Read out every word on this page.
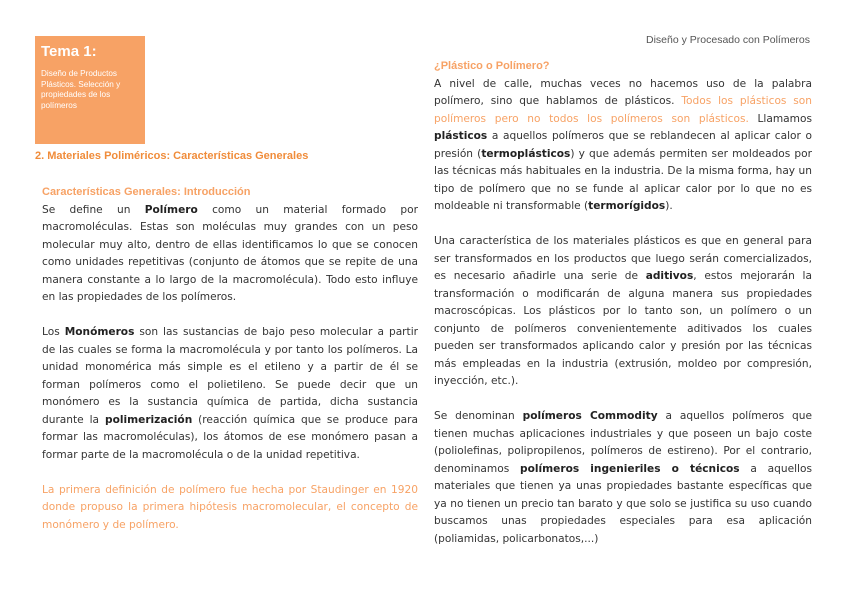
Diseño y Procesado con Polímeros
Tema 1:
Diseño de Productos Plásticos. Selección y propiedades de los polímeros
2. Materiales Poliméricos: Características Generales
Características Generales: Introducción

Se define un Polímero como un material formado por macromoléculas. Estas son moléculas muy grandes con un peso molecular muy alto, dentro de ellas identificamos lo que se conocen como unidades repetitivas (conjunto de átomos que se repite de una manera constante a lo largo de la macromolécula). Todo esto influye en las propiedades de los polímeros.

Los Monómeros son las sustancias de bajo peso molecular a partir de las cuales se forma la macromolécula y por tanto los polímeros. La unidad monomérica más simple es el etileno y a partir de él se forman polímeros como el polietileno. Se puede decir que un monómero es la sustancia química de partida, dicha sustancia durante la polimerización (reacción química que se produce para formar las macromoléculas), los átomos de ese monómero pasan a formar parte de la macromolécula o de la unidad repetitiva.

La primera definición de polímero fue hecha por Staudinger en 1920 donde propuso la primera hipótesis macromolecular, el concepto de monómero y de polímero.

¿Plástico o Polímero?

A nivel de calle, muchas veces no hacemos uso de la palabra polímero, sino que hablamos de plásticos. Todos los plásticos son polímeros pero no todos los polímeros son plásticos. Llamamos plásticos a aquellos polímeros que se reblandecen al aplicar calor o presión (termoplásticos) y que además permiten ser moldeados por las técnicas más habituales en la industria. De la misma forma, hay un tipo de polímero que no se funde al aplicar calor por lo que no es moldeable ni transformable (termorígidos).

Una característica de los materiales plásticos es que en general para ser transformados en los productos que luego serán comercializados, es necesario añadirle una serie de aditivos, estos mejorarán la transformación o modificarán de alguna manera sus propiedades macroscópicas. Los plásticos por lo tanto son, un polímero o un conjunto de polímeros convenientemente aditivados los cuales pueden ser transformados aplicando calor y presión por las técnicas más empleadas en la industria (extrusión, moldeo por compresión, inyección, etc.).

Se denominan polímeros Commodity a aquellos polímeros que tienen muchas aplicaciones industriales y que poseen un bajo coste (poliolefinas, polipropilenos, polímeros de estireno). Por el contrario, denominamos polímeros ingenieriles o técnicos a aquellos materiales que tienen ya unas propiedades bastante específicas que ya no tienen un precio tan barato y que solo se justifica su uso cuando buscamos unas propiedades especiales para esa aplicación (poliamidas, policarbonatos,...)
